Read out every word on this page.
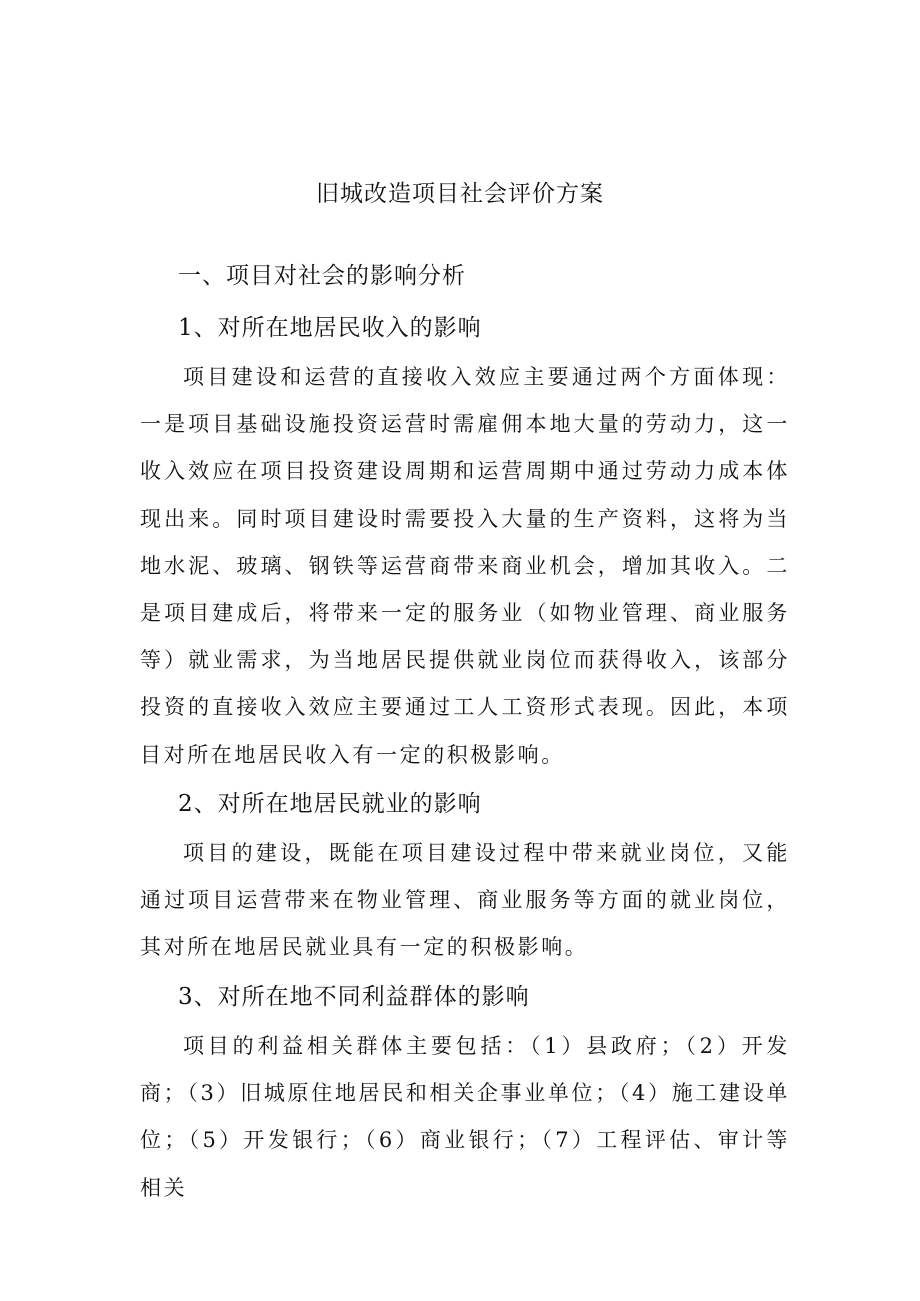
旧城改造项目社会评价方案
一、项目对社会的影响分析
1、对所在地居民收入的影响

项目建设和运营的直接收入效应主要通过两个方面体现：一是项目基础设施投资运营时需雇佣本地大量的劳动力，这一收入效应在项目投资建设周期和运营周期中通过劳动力成本体现出来。同时项目建设时需要投入大量的生产资料，这将为当地水泥、玻璃、钢铁等运营商带来商业机会，增加其收入。二是项目建成后，将带来一定的服务业（如物业管理、商业服务等）就业需求，为当地居民提供就业岗位而获得收入，该部分投资的直接收入效应主要通过工人工资形式表现。因此，本项目对所在地居民收入有一定的积极影响。

2、对所在地居民就业的影响

项目的建设，既能在项目建设过程中带来就业岗位，又能通过项目运营带来在物业管理、商业服务等方面的就业岗位，其对所在地居民就业具有一定的积极影响。

3、对所在地不同利益群体的影响

项目的利益相关群体主要包括：（1）县政府；（2）开发商；（3）旧城原住地居民和相关企事业单位；（4）施工建设单位；（5）开发银行；（6）商业银行；（7）工程评估、审计等相关
